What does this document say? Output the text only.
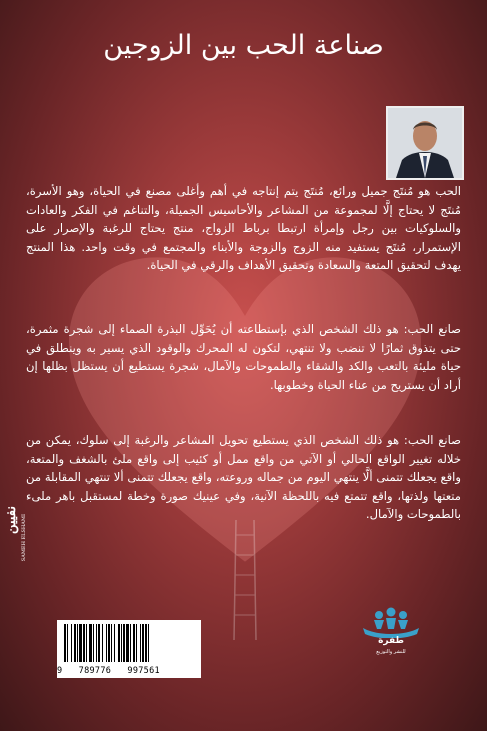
صناعة الحب بين الزوجين
الحب هو مُنتَج جميل ورائع، مُنتَج يتم إنتاجه في أهم وأغلى مصنع في الحياة، وهو الأسرة، مُنتَج لا يحتاج إلَّا لمجموعة من المشاعر والأحاسيس الجميلة، والتناغم في الفكر والعادات والسلوكيات بين رجل وإمرأة ارتبطا برباط الزواج، منتج يحتاج للرغبة والإصرار على الإستمرار، مُنتَج يستفيد منه الزوج والزوجة والأبناء والمجتمع في وقت واحد. هذا المنتج يهدف لتحقيق المتعة والسعادة وتحقيق الأهداف والرقي في الحياة.
صانع الحب: هو ذلك الشخص الذي بإستطاعته أن يُحَوِّل البذرة الصماء إلى شجرة مثمرة، حتى يتذوق ثمارًا لا تنضب ولا تنتهي، لتكون له المحرك والوقود الذي يسير به وينطلق في حياة مليئة بالتعب والكد والشقاء والطموحات والآمال، شجرة يستطيع أن يستظل بظلها إن أراد أن يستريح من عناء الحياة وخطوبها.
صانع الحب: هو ذلك الشخص الذي يستطيع تحويل المشاعر والرغبة إلى سلوك، يمكن من خلاله تغيير الواقع الحالي أو الآتي من واقع ممل أو كئيب إلى واقع ملئ بالشغف والمتعة، واقع يجعلك تتمنى ألَّا ينتهي اليوم من جماله وروعته، واقع يجعلك تتمنى ألا تنتهي المقابلة من متعتها ولذتها، واقع تتمتع فيه باللحظة الآنية، وفي عينيك صورة وخطة لمستقبل باهر ملىء بالطموحات والآمال.
نفيين SAMEH ELSHAMI
9   789776   997561
طفرة
للنشر والتوزيع
